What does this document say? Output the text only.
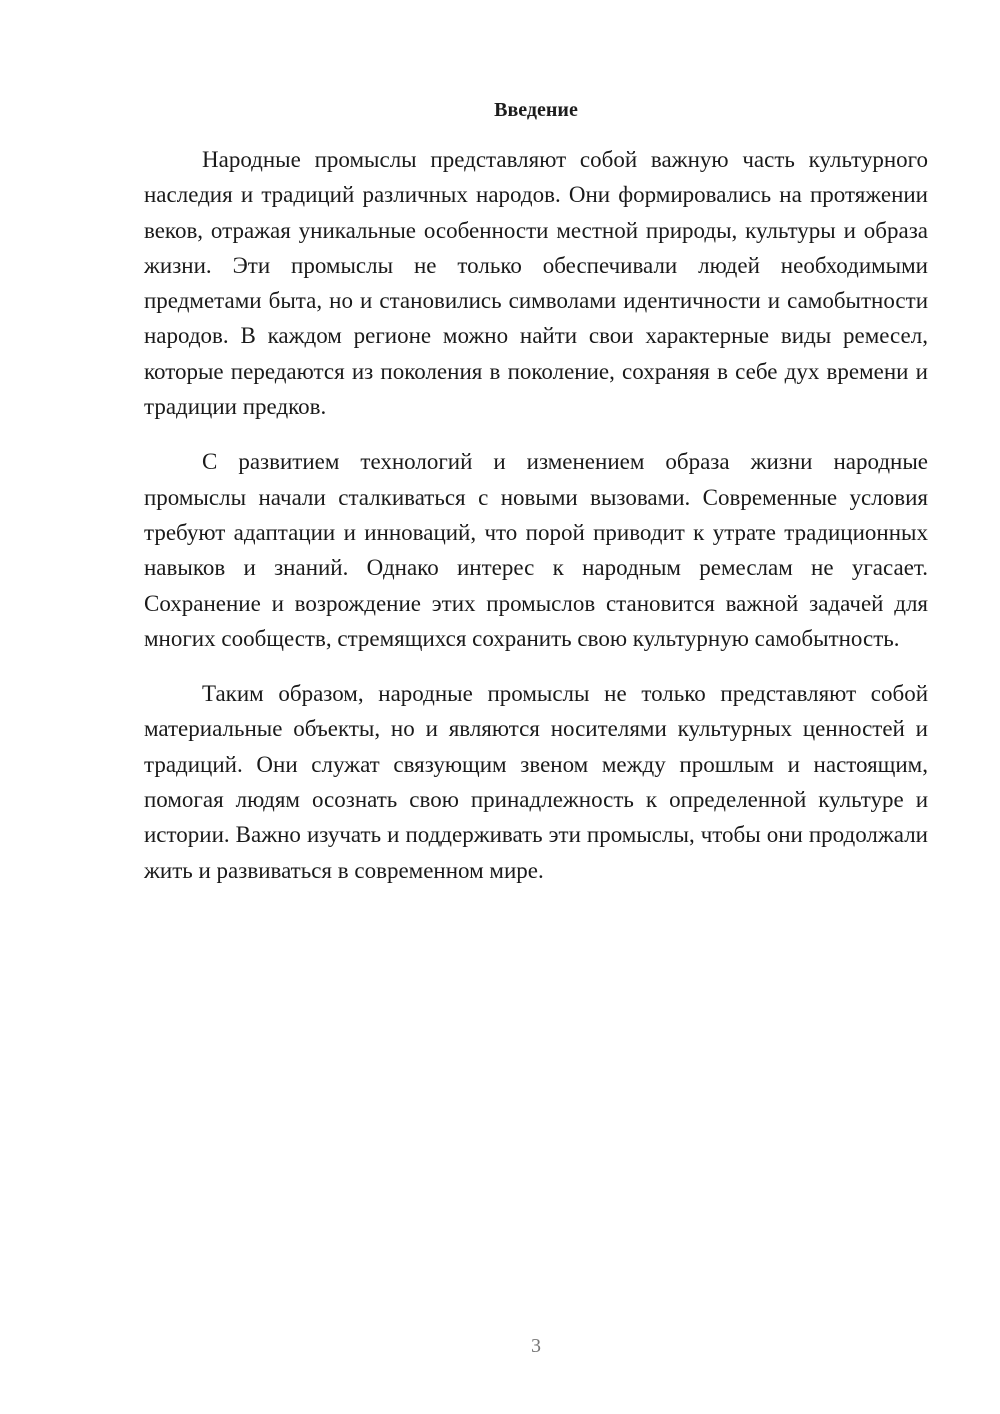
Введение

Народные промыслы представляют собой важную часть культурного наследия и традиций различных народов. Они формировались на протяжении веков, отражая уникальные особенности местной природы, культуры и образа жизни. Эти промыслы не только обеспечивали людей необходимыми предметами быта, но и становились символами идентичности и самобытности народов. В каждом регионе можно найти свои характерные виды ремесел, которые передаются из поколения в поколение, сохраняя в себе дух времени и традиции предков.

С развитием технологий и изменением образа жизни народные промыслы начали сталкиваться с новыми вызовами. Современные условия требуют адаптации и инноваций, что порой приводит к утрате традиционных навыков и знаний. Однако интерес к народным ремеслам не угасает. Сохранение и возрождение этих промыслов становится важной задачей для многих сообществ, стремящихся сохранить свою культурную самобытность.

Таким образом, народные промыслы не только представляют собой материальные объекты, но и являются носителями культурных ценностей и традиций. Они служат связующим звеном между прошлым и настоящим, помогая людям осознать свою принадлежность к определенной культуре и истории. Важно изучать и поддерживать эти промыслы, чтобы они продолжали жить и развиваться в современном мире.

3
